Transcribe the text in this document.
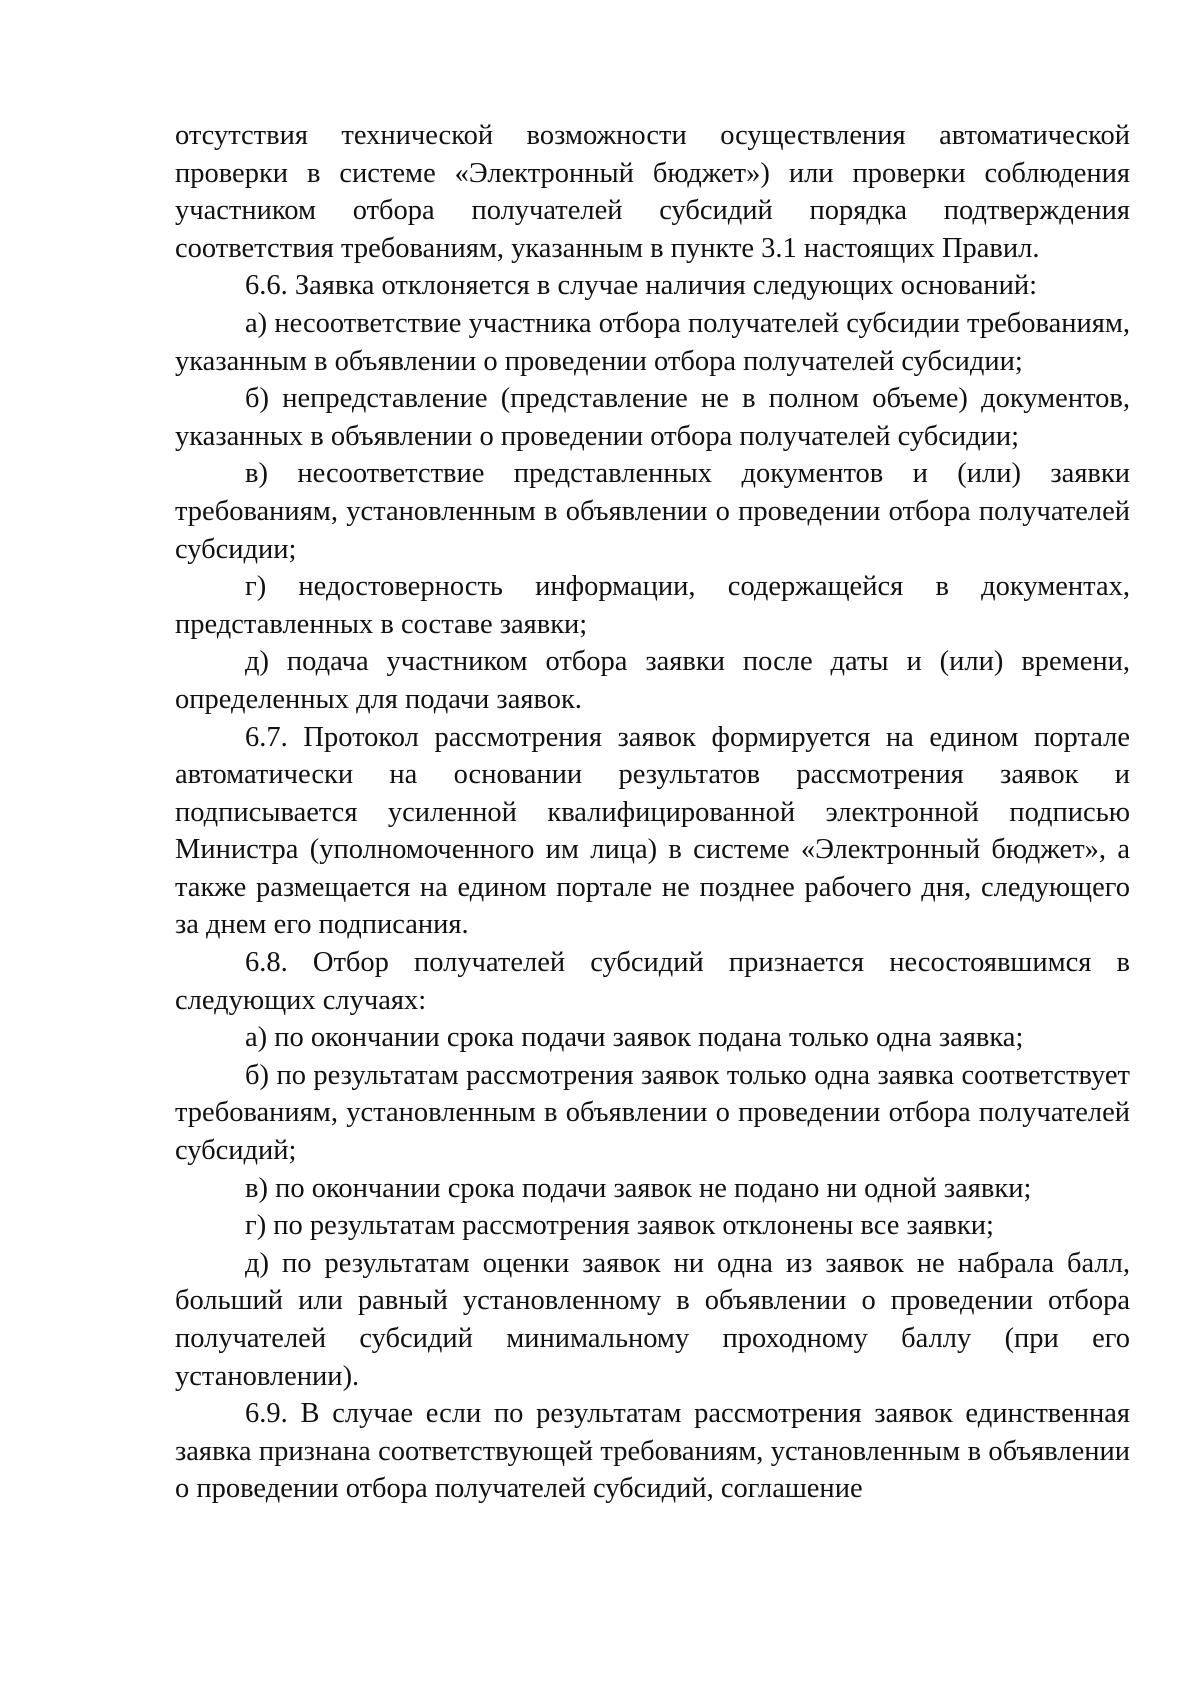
отсутствия технической возможности осуществления автоматической проверки в системе «Электронный бюджет») или проверки соблюдения участником отбора получателей субсидий порядка подтверждения соответствия требованиям, указанным в пункте 3.1 настоящих Правил.

6.6. Заявка отклоняется в случае наличия следующих оснований:

а) несоответствие участника отбора получателей субсидии требованиям, указанным в объявлении о проведении отбора получателей субсидии;

б) непредставление (представление не в полном объеме) документов, указанных в объявлении о проведении отбора получателей субсидии;

в) несоответствие представленных документов и (или) заявки требованиям, установленным в объявлении о проведении отбора получателей субсидии;

г) недостоверность информации, содержащейся в документах, представленных в составе заявки;

д) подача участником отбора заявки после даты и (или) времени, определенных для подачи заявок.

6.7. Протокол рассмотрения заявок формируется на едином портале автоматически на основании результатов рассмотрения заявок и подписывается усиленной квалифицированной электронной подписью Министра (уполномоченного им лица) в системе «Электронный бюджет», а также размещается на едином портале не позднее рабочего дня, следующего за днем его подписания.

6.8. Отбор получателей субсидий признается несостоявшимся в следующих случаях:

а) по окончании срока подачи заявок подана только одна заявка;

б) по результатам рассмотрения заявок только одна заявка соответствует требованиям, установленным в объявлении о проведении отбора получателей субсидий;

в) по окончании срока подачи заявок не подано ни одной заявки;

г) по результатам рассмотрения заявок отклонены все заявки;

д) по результатам оценки заявок ни одна из заявок не набрала балл, больший или равный установленному в объявлении о проведении отбора получателей субсидий минимальному проходному баллу (при его установлении).

6.9. В случае если по результатам рассмотрения заявок единственная заявка признана соответствующей требованиям, установленным в объявлении о проведении отбора получателей субсидий, соглашение
